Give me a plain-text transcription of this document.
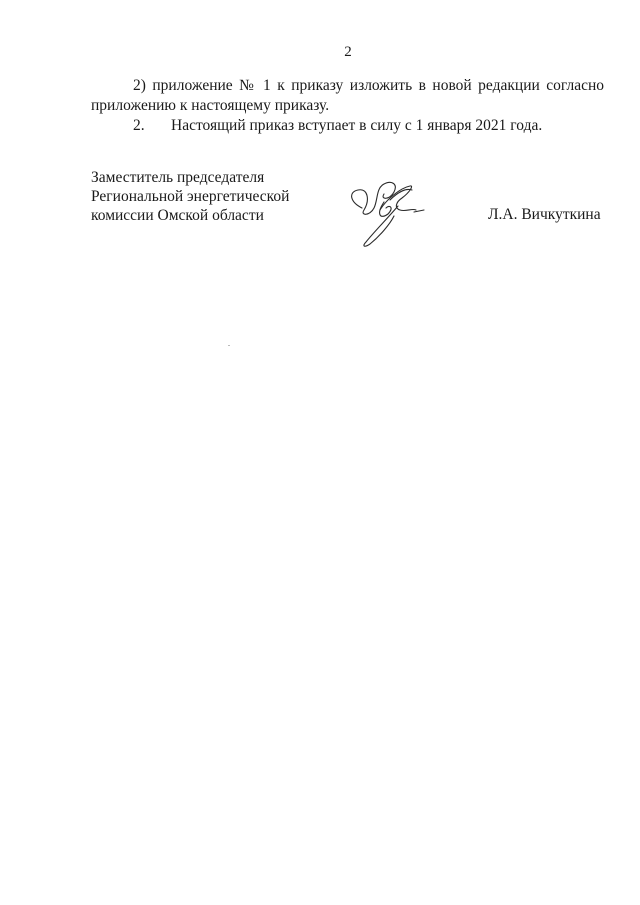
2

2) приложение № 1 к приказу изложить в новой редакции согласно приложению к настоящему приказу.

2. Настоящий приказ вступает в силу с 1 января 2021 года.

Заместитель председателя
Региональной энергетической
комиссии Омской области	Л.А. Вичкуткина
